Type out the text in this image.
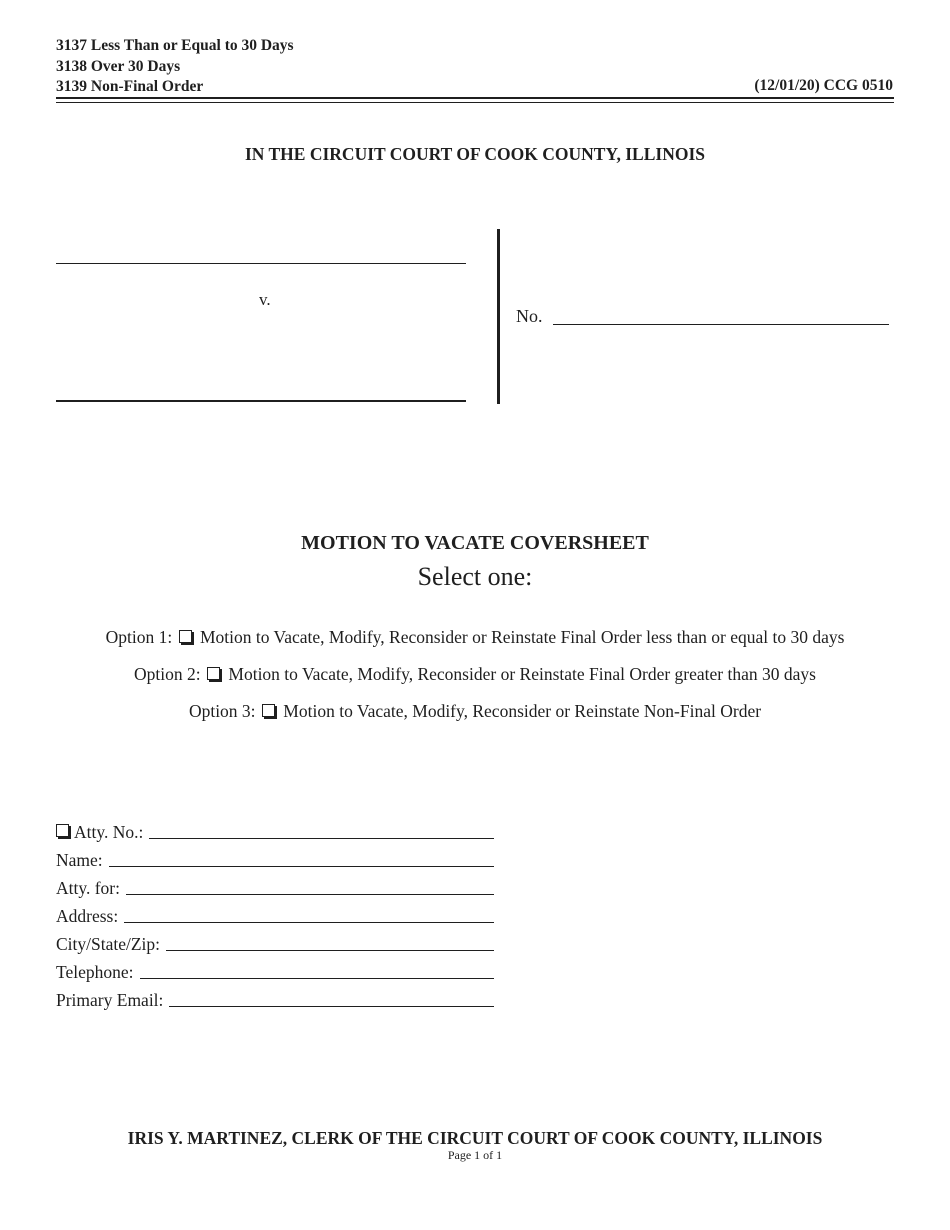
3137 Less Than or Equal to 30 Days
3138 Over 30 Days
3139 Non-Final Order	(12/01/20) CCG 0510
IN THE CIRCUIT COURT OF COOK COUNTY, ILLINOIS
v.
No.
MOTION TO VACATE COVERSHEET
Select one:
Option 1: Motion to Vacate, Modify, Reconsider or Reinstate Final Order less than or equal to 30 days
Option 2: Motion to Vacate, Modify, Reconsider or Reinstate Final Order greater than 30 days
Option 3: Motion to Vacate, Modify, Reconsider or Reinstate Non-Final Order
Atty. No.:
Name:
Atty. for:
Address:
City/State/Zip:
Telephone:
Primary Email:
IRIS Y. MARTINEZ, CLERK OF THE CIRCUIT COURT OF COOK COUNTY, ILLINOIS
Page 1 of 1
